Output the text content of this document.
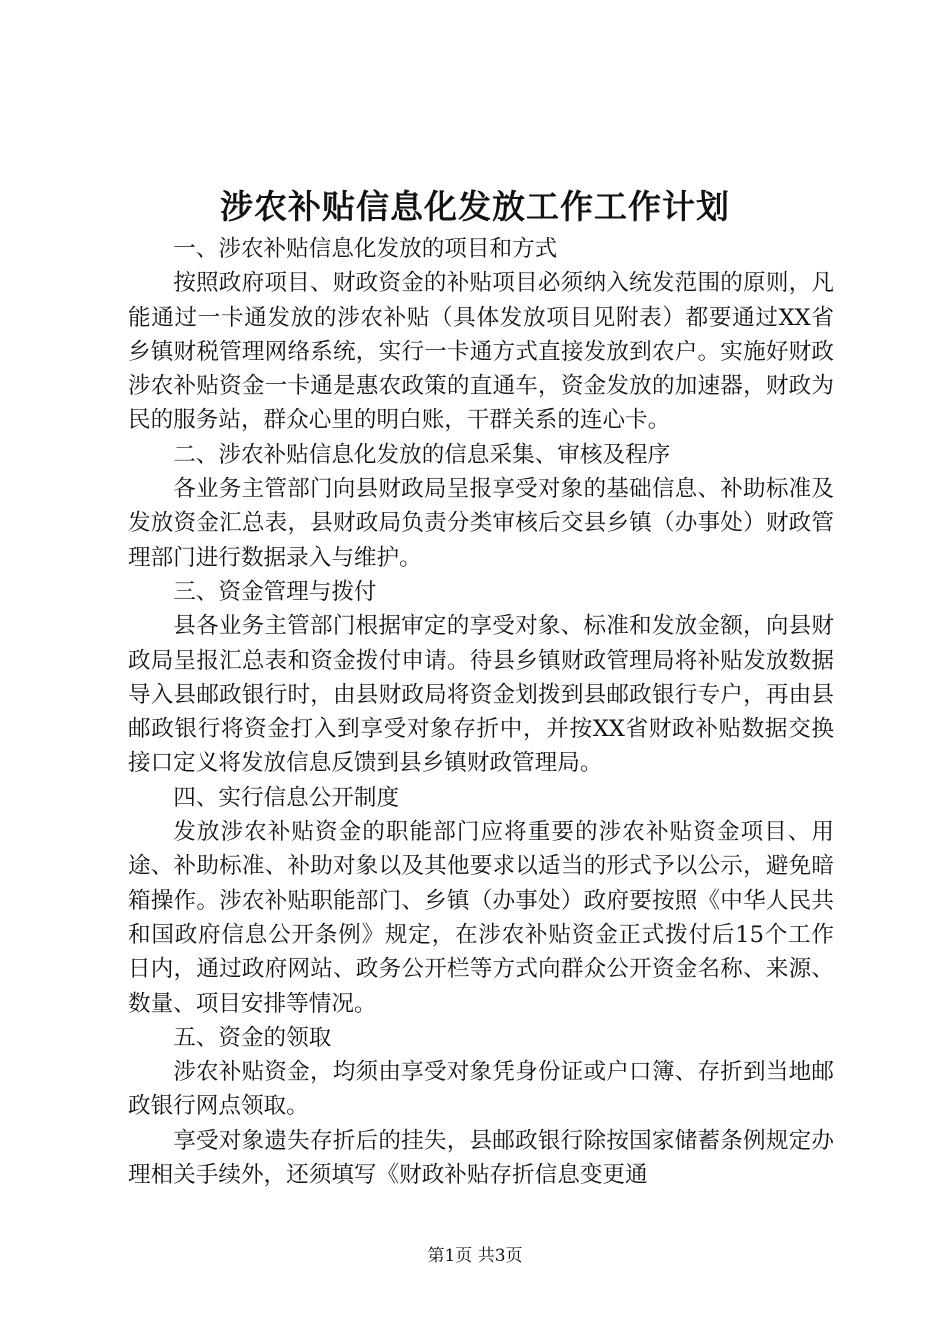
涉农补贴信息化发放工作工作计划

一、涉农补贴信息化发放的项目和方式

按照政府项目、财政资金的补贴项目必须纳入统发范围的原则，凡能通过一卡通发放的涉农补贴（具体发放项目见附表）都要通过XX省乡镇财税管理网络系统，实行一卡通方式直接发放到农户。实施好财政涉农补贴资金一卡通是惠农政策的直通车，资金发放的加速器，财政为民的服务站，群众心里的明白账，干群关系的连心卡。

二、涉农补贴信息化发放的信息采集、审核及程序

各业务主管部门向县财政局呈报享受对象的基础信息、补助标准及发放资金汇总表，县财政局负责分类审核后交县乡镇（办事处）财政管理部门进行数据录入与维护。

三、资金管理与拨付

县各业务主管部门根据审定的享受对象、标准和发放金额，向县财政局呈报汇总表和资金拨付申请。待县乡镇财政管理局将补贴发放数据导入县邮政银行时，由县财政局将资金划拨到县邮政银行专户，再由县邮政银行将资金打入到享受对象存折中，并按XX省财政补贴数据交换接口定义将发放信息反馈到县乡镇财政管理局。

四、实行信息公开制度

发放涉农补贴资金的职能部门应将重要的涉农补贴资金项目、用途、补助标准、补助对象以及其他要求以适当的形式予以公示，避免暗箱操作。涉农补贴职能部门、乡镇（办事处）政府要按照《中华人民共和国政府信息公开条例》规定，在涉农补贴资金正式拨付后15个工作日内，通过政府网站、政务公开栏等方式向群众公开资金名称、来源、数量、项目安排等情况。

五、资金的领取

涉农补贴资金，均须由享受对象凭身份证或户口簿、存折到当地邮政银行网点领取。

享受对象遗失存折后的挂失，县邮政银行除按国家储蓄条例规定办理相关手续外，还须填写《财政补贴存折信息变更通

第1页 共3页
